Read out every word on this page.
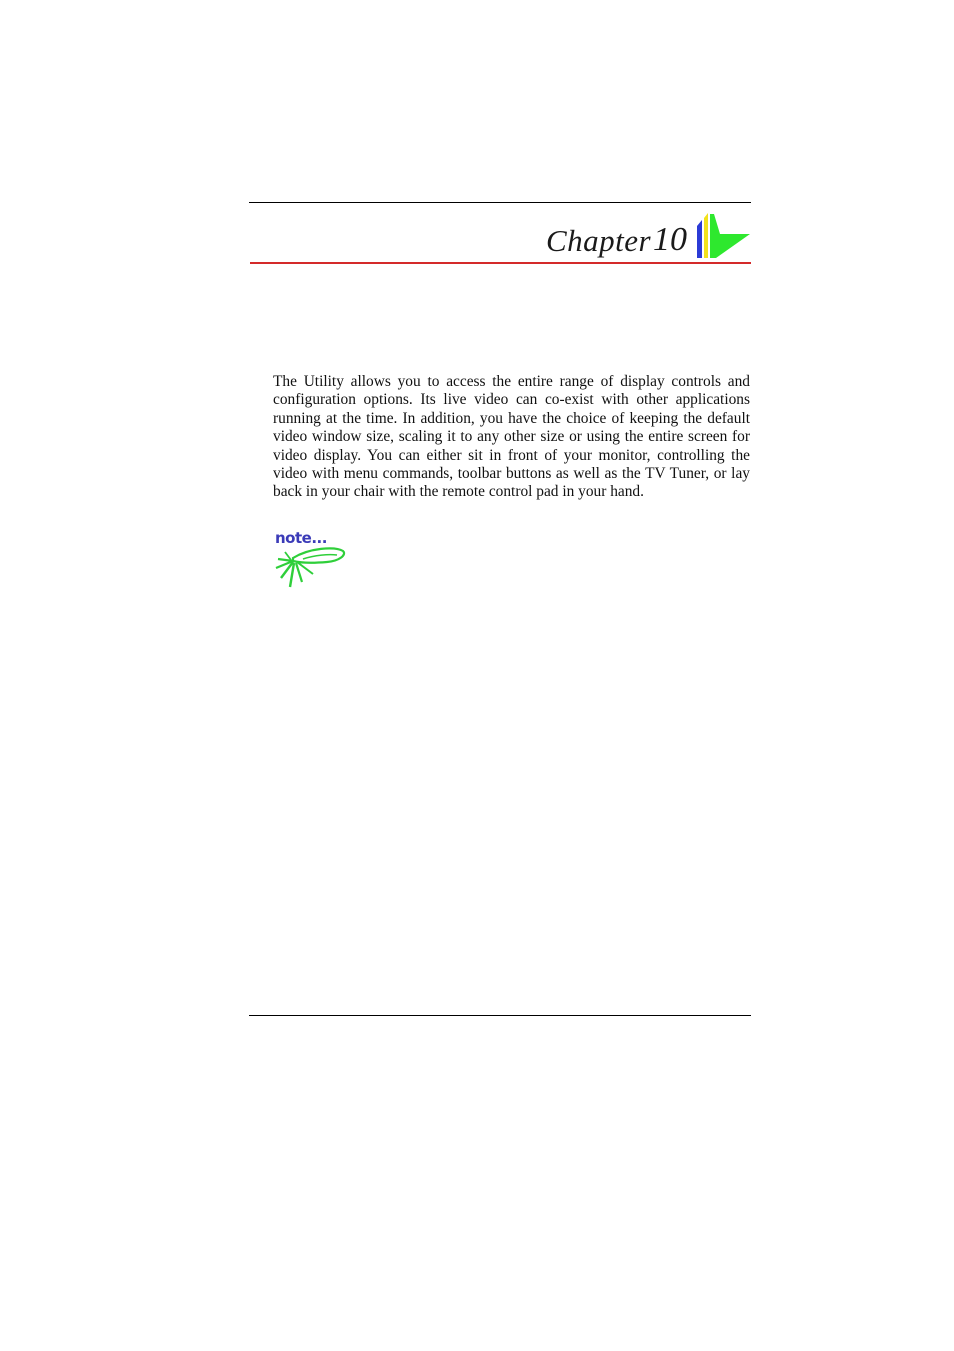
Chapter 10

The Utility allows you to access the entire range of display controls and configuration options. Its live video can co-exist with other applications running at the time. In addition, you have the choice of keeping the default video window size, scaling it to any other size or using the entire screen for video display. You can either sit in front of your monitor, controlling the video with menu commands, toolbar buttons as well as the TV Tuner, or lay back in your chair with the remote control pad in your hand.

note...
